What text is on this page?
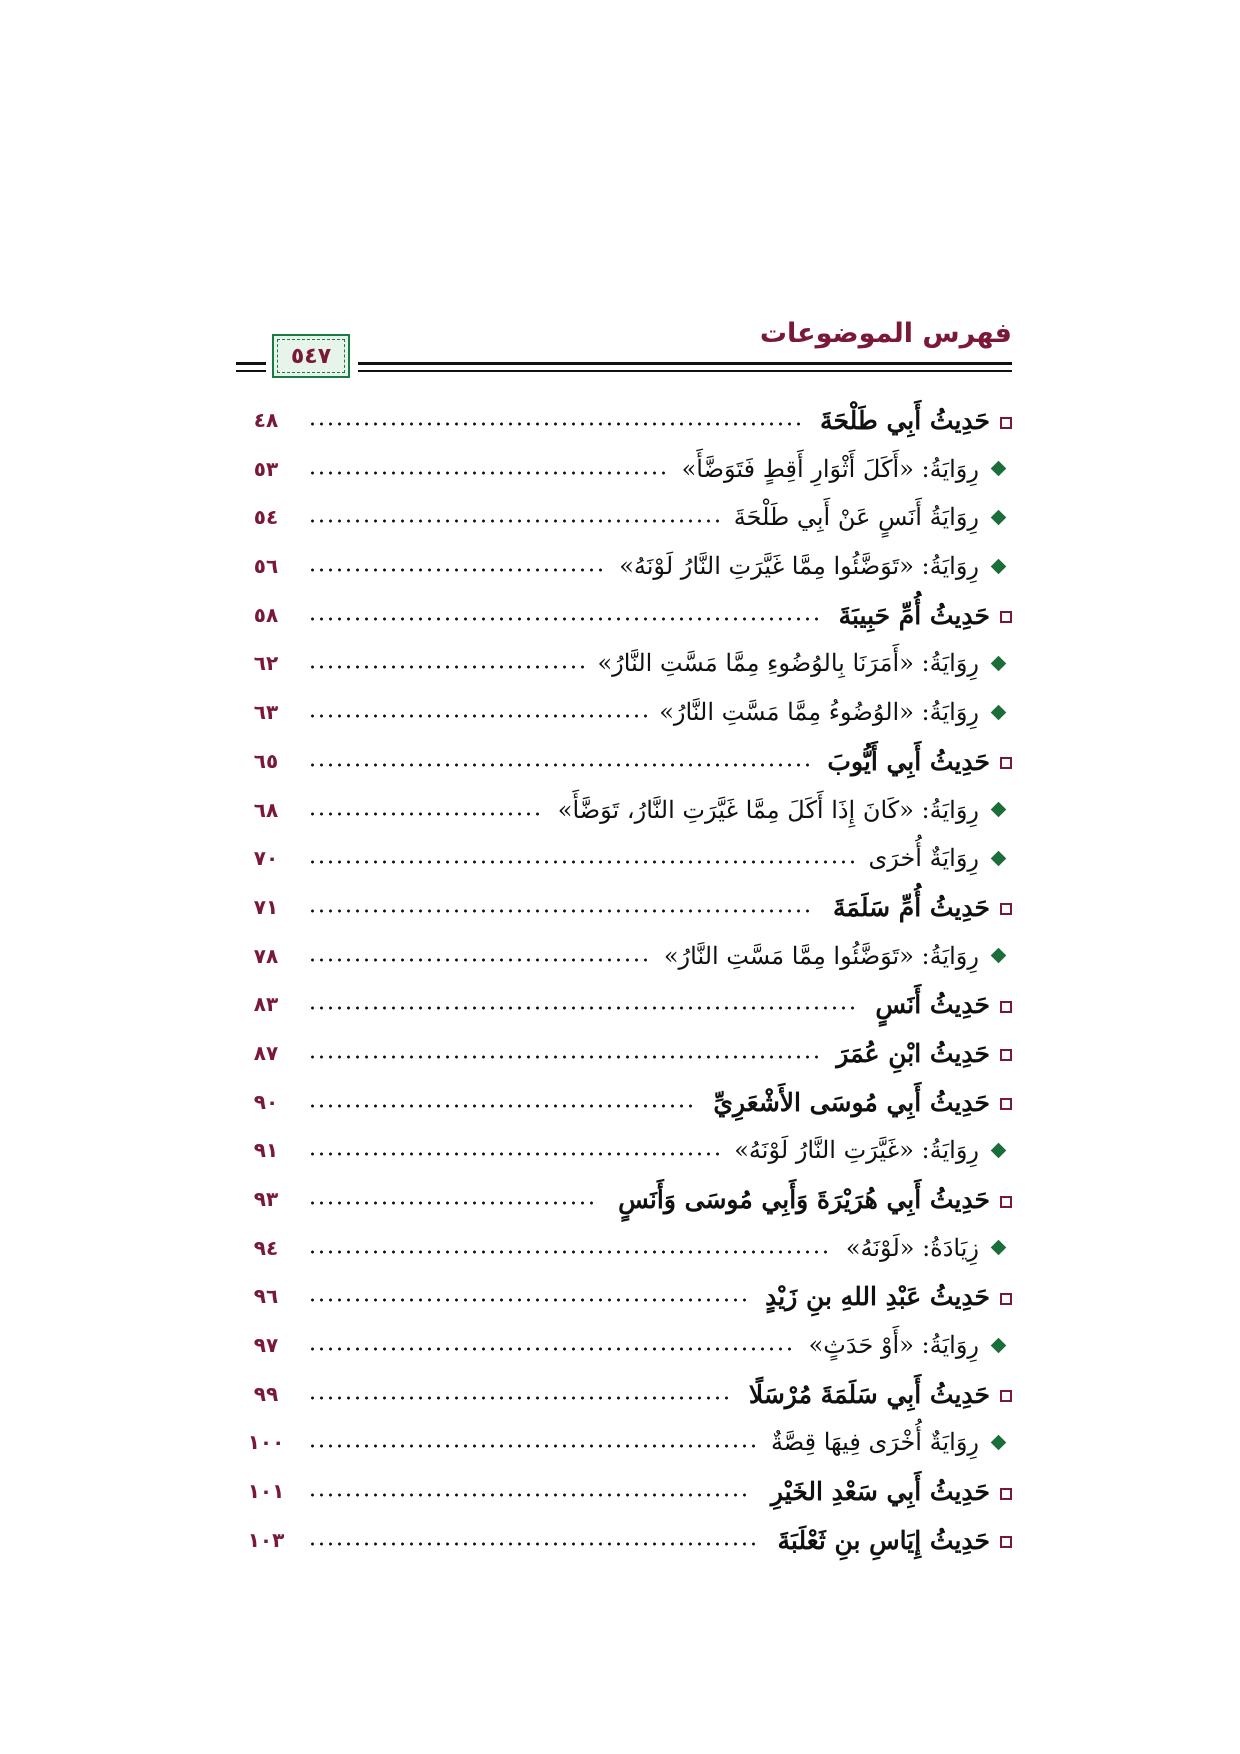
فهرس الموضوعات
٥٤٧
حَدِيثُ أَبِي طَلْحَةَ
٤٨
رِوَايَةُ: «أَكَلَ أَثْوَارِ أَقِطٍ فَتَوَضَّأَ»
٥٣
رِوَايَةُ أَنَسٍ عَنْ أَبِي طَلْحَةَ
٥٤
رِوَايَةُ: «تَوَضَّئُوا مِمَّا غَيَّرَتِ النَّارُ لَوْنَهُ»
٥٦
حَدِيثُ أُمِّ حَبِيبَةَ
٥٨
رِوَايَةُ: «أَمَرَنَا بِالوُضُوءِ مِمَّا مَسَّتِ النَّارُ»
٦٢
رِوَايَةُ: «الوُضُوءُ مِمَّا مَسَّتِ النَّارُ»
٦٣
حَدِيثُ أَبِي أَيُّوبَ
٦٥
رِوَايَةُ: «كَانَ إِذَا أَكَلَ مِمَّا غَيَّرَتِ النَّارُ، تَوَضَّأَ»
٦٨
رِوَايَةٌ أُخرَى
٧٠
حَدِيثُ أُمِّ سَلَمَةَ
٧١
رِوَايَةُ: «تَوَضَّئُوا مِمَّا مَسَّتِ النَّارُ»
٧٨
حَدِيثُ أَنَسٍ
٨٣
حَدِيثُ ابْنِ عُمَرَ
٨٧
حَدِيثُ أَبِي مُوسَى الأَشْعَرِيِّ
٩٠
رِوَايَةُ: «غَيَّرَتِ النَّارُ لَوْنَهُ»
٩١
حَدِيثُ أَبِي هُرَيْرَةَ وَأَبِي مُوسَى وَأَنَسٍ
٩٣
زِيَادَةُ: «لَوْنَهُ»
٩٤
حَدِيثُ عَبْدِ اللهِ بنِ زَيْدٍ
٩٦
رِوَايَةُ: «أَوْ حَدَثٍ»
٩٧
حَدِيثُ أَبِي سَلَمَةَ مُرْسَلًا
٩٩
رِوَايَةٌ أُخْرَى فِيهَا قِصَّةٌ
١٠٠
حَدِيثُ أَبِي سَعْدِ الخَيْرِ
١٠١
حَدِيثُ إِيَاسِ بنِ ثَعْلَبَةَ
١٠٣
